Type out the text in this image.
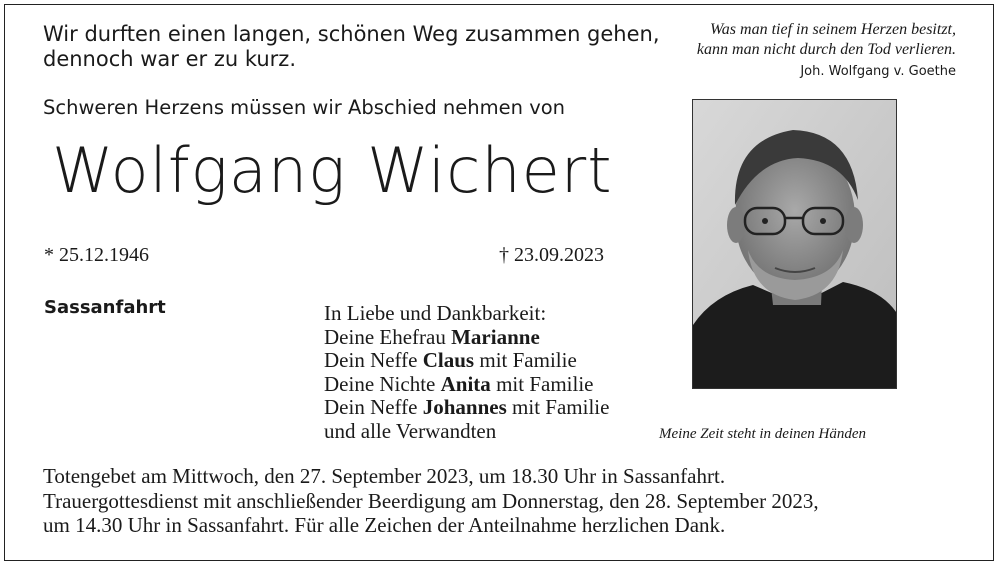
Wir durften einen langen, schönen Weg zusammen gehen,
dennoch war er zu kurz.
Was man tief in seinem Herzen besitzt,
kann man nicht durch den Tod verlieren.
Joh. Wolfgang v. Goethe
Schweren Herzens müssen wir Abschied nehmen von
Wolfgang Wichert
* 25.12.1946	† 23.09.2023
Sassanfahrt	In Liebe und Dankbarkeit:
Deine Ehefrau Marianne
Dein Neffe Claus mit Familie
Deine Nichte Anita mit Familie
Dein Neffe Johannes mit Familie
und alle Verwandten	Meine Zeit steht in deinen Händen
Totengebet am Mittwoch, den 27. September 2023, um 18.30 Uhr in Sassanfahrt.
Trauergottesdienst mit anschließender Beerdigung am Donnerstag, den 28. September 2023,
um 14.30 Uhr in Sassanfahrt. Für alle Zeichen der Anteilnahme herzlichen Dank.
